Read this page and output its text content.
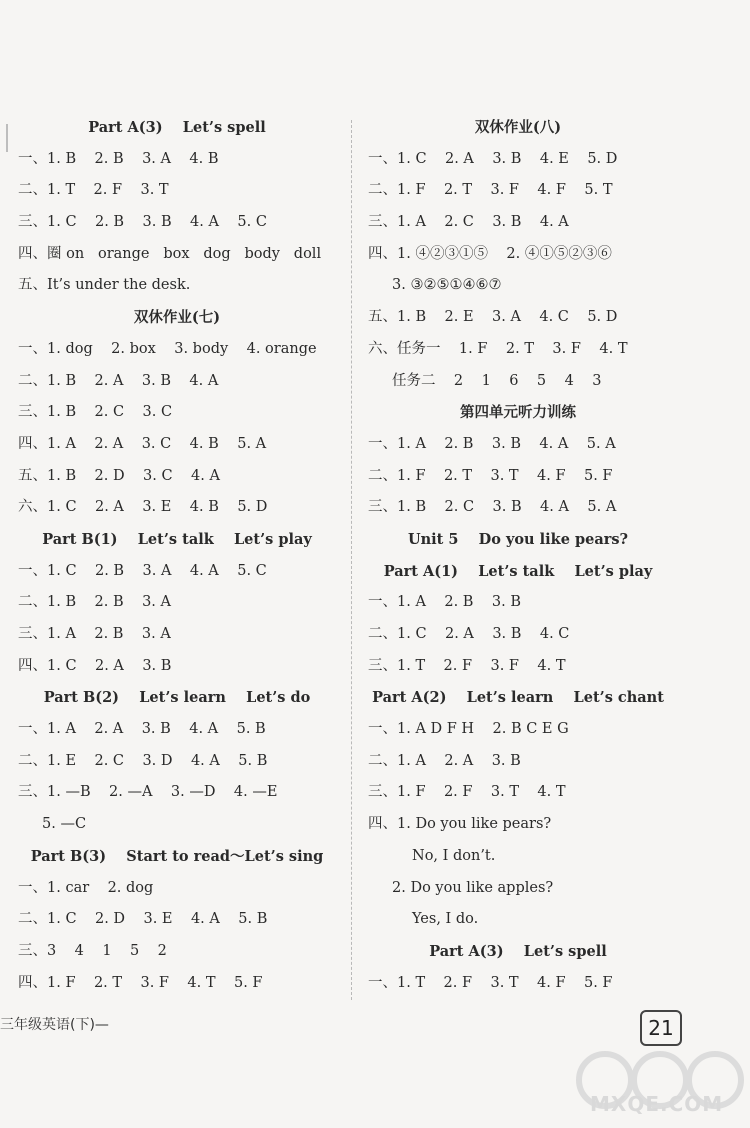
Part A(3)    Let’s spell
一、1. B    2. B    3. A    4. B
二、1. T    2. F    3. T
三、1. C    2. B    3. B    4. A    5. C
四、圈 on   orange   box   dog   body   doll
五、It’s under the desk.
双休作业(七)
一、1. dog    2. box    3. body    4. orange
二、1. B    2. A    3. B    4. A
三、1. B    2. C    3. C
四、1. A    2. A    3. C    4. B    5. A
五、1. B    2. D    3. C    4. A
六、1. C    2. A    3. E    4. B    5. D
Part B(1)    Let’s talk    Let’s play
一、1. C    2. B    3. A    4. A    5. C
二、1. B    2. B    3. A
三、1. A    2. B    3. A
四、1. C    2. A    3. B
Part B(2)    Let’s learn    Let’s do
一、1. A    2. A    3. B    4. A    5. B
二、1. E    2. C    3. D    4. A    5. B
三、1. —B    2. —A    3. —D    4. —E
5. —C
Part B(3)    Start to read～Let’s sing
一、1. car    2. dog
二、1. C    2. D    3. E    4. A    5. B
三、3    4    1    5    2
四、1. F    2. T    3. F    4. T    5. F
双休作业(八)
一、1. C    2. A    3. B    4. E    5. D
二、1. F    2. T    3. F    4. F    5. T
三、1. A    2. C    3. B    4. A
四、1. ④②③①⑤    2. ④①⑤②③⑥
3. ③②⑤①④⑥⑦
五、1. B    2. E    3. A    4. C    5. D
六、任务一    1. F    2. T    3. F    4. T
任务二    2    1    6    5    4    3
第四单元听力训练
一、1. A    2. B    3. B    4. A    5. A
二、1. F    2. T    3. T    4. F    5. F
三、1. B    2. C    3. B    4. A    5. A
Unit 5    Do you like pears?
Part A(1)    Let’s talk    Let’s play
一、1. A    2. B    3. B
二、1. C    2. A    3. B    4. C
三、1. T    2. F    3. F    4. T
Part A(2)    Let’s learn    Let’s chant
一、1. A D F H    2. B C E G
二、1. A    2. A    3. B
三、1. F    2. F    3. T    4. T
四、1. Do you like pears?
No, I don’t.
2. Do you like apples?
Yes, I do.
Part A(3)    Let’s spell
一、1. T    2. F    3. T    4. F    5. F
三年级英语(下)—	21
MXQE.COM
